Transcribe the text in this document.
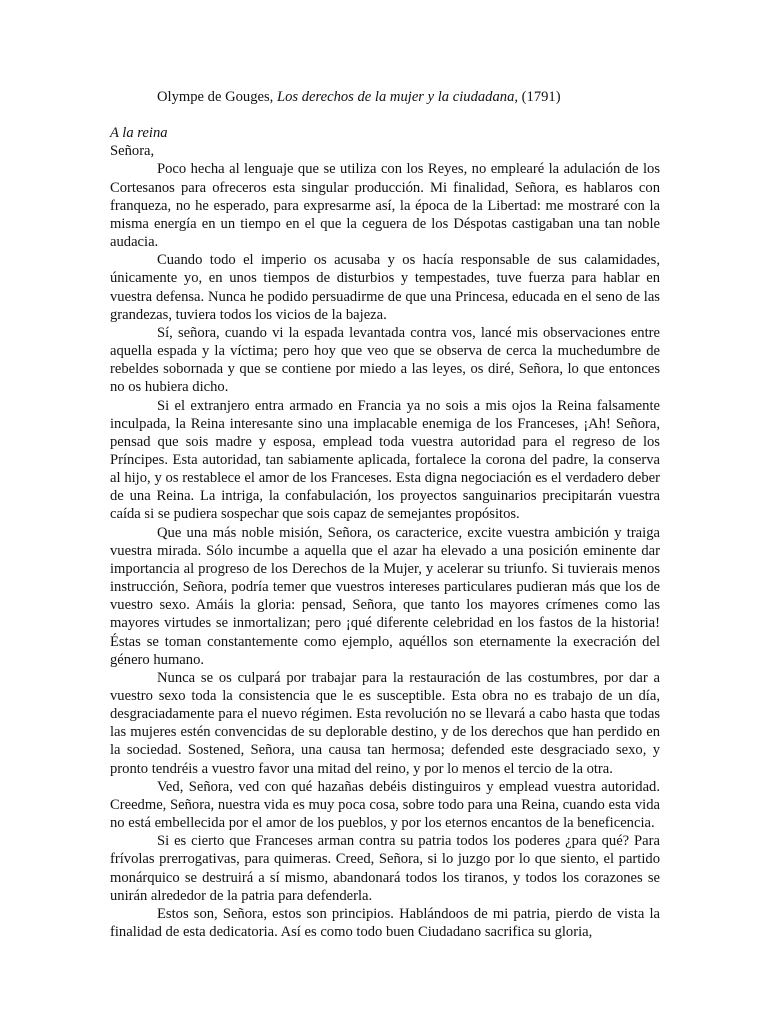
Olympe de Gouges, Los derechos de la mujer y la ciudadana, (1791)

A la reina

Señora,

Poco hecha al lenguaje que se utiliza con los Reyes, no emplearé la adulación de los Cortesanos para ofreceros esta singular producción. Mi finalidad, Señora, es hablaros con franqueza, no he esperado, para expresarme así, la época de la Libertad: me mostraré con la misma energía en un tiempo en el que la ceguera de los Déspotas castigaban una tan noble audacia.

Cuando todo el imperio os acusaba y os hacía responsable de sus calamidades, únicamente yo, en unos tiempos de disturbios y tempestades, tuve fuerza para hablar en vuestra defensa. Nunca he podido persuadirme de que una Princesa, educada en el seno de las grandezas, tuviera todos los vicios de la bajeza.

Sí, señora, cuando vi la espada levantada contra vos, lancé mis observaciones entre aquella espada y la víctima; pero hoy que veo que se observa de cerca la muchedumbre de rebeldes sobornada y que se contiene por miedo a las leyes, os diré, Señora, lo que entonces no os hubiera dicho.

Si el extranjero entra armado en Francia ya no sois a mis ojos la Reina falsamente inculpada, la Reina interesante sino una implacable enemiga de los Franceses, ¡Ah! Señora, pensad que sois madre y esposa, emplead toda vuestra autoridad para el regreso de los Príncipes. Esta autoridad, tan sabiamente aplicada, fortalece la corona del padre, la conserva al hijo, y os restablece el amor de los Franceses. Esta digna negociación es el verdadero deber de una Reina. La intriga, la confabulación, los proyectos sanguinarios precipitarán vuestra caída si se pudiera sospechar que sois capaz de semejantes propósitos.

Que una más noble misión, Señora, os caracterice, excite vuestra ambición y traiga vuestra mirada. Sólo incumbe a aquella que el azar ha elevado a una posición eminente dar importancia al progreso de los Derechos de la Mujer, y acelerar su triunfo. Si tuvierais menos instrucción, Señora, podría temer que vuestros intereses particulares pudieran más que los de vuestro sexo. Amáis la gloria: pensad, Señora, que tanto los mayores crímenes como las mayores virtudes se inmortalizan; pero ¡qué diferente celebridad en los fastos de la historia! Éstas se toman constantemente como ejemplo, aquéllos son eternamente la execración del género humano.

Nunca se os culpará por trabajar para la restauración de las costumbres, por dar a vuestro sexo toda la consistencia que le es susceptible. Esta obra no es trabajo de un día, desgraciadamente para el nuevo régimen. Esta revolución no se llevará a cabo hasta que todas las mujeres estén convencidas de su deplorable destino, y de los derechos que han perdido en la sociedad. Sostened, Señora, una causa tan hermosa; defended este desgraciado sexo, y pronto tendréis a vuestro favor una mitad del reino, y por lo menos el tercio de la otra.

Ved, Señora, ved con qué hazañas debéis distinguiros y emplead vuestra autoridad. Creedme, Señora, nuestra vida es muy poca cosa, sobre todo para una Reina, cuando esta vida no está embellecida por el amor de los pueblos, y por los eternos encantos de la beneficencia.

Si es cierto que Franceses arman contra su patria todos los poderes ¿para qué? Para frívolas prerrogativas, para quimeras. Creed, Señora, si lo juzgo por lo que siento, el partido monárquico se destruirá a sí mismo, abandonará todos los tiranos, y todos los corazones se unirán alrededor de la patria para defenderla.

Estos son, Señora, estos son principios. Hablándoos de mi patria, pierdo de vista la finalidad de esta dedicatoria. Así es como todo buen Ciudadano sacrifica su gloria,
